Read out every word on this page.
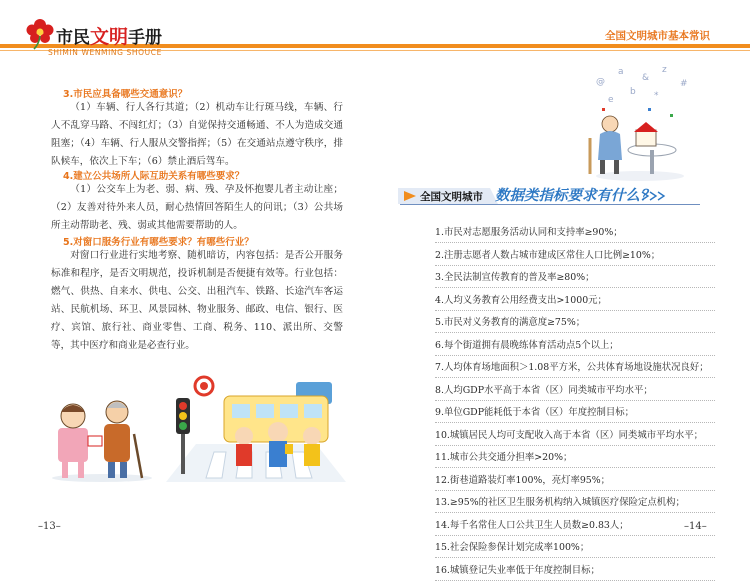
市民文明手册
SHIMIN WENMING SHOUCE
全国文明城市基本常识
3.市民应具备哪些交通意识？
（1）车辆、行人各行其道；（2）机动车让行斑马线，车辆、行人不乱穿马路、不闯红灯；（3）自觉保持交通畅通、不人为造成交通阻塞；（4）车辆、行人服从交警指挥；（5）在交通站点遵守秩序，排队候车，依次上下车；（6）禁止酒后驾车。
4.建立公共场所人际互助关系有哪些要求？
（1）公交车上为老、弱、病、残、孕及怀抱婴儿者主动让座；（2）友善对待外来人员，耐心热情回答陌生人的问讯；（3）公共场所主动帮助老、残、弱或其他需要帮助的人。
5.对窗口服务行业有哪些要求？有哪些行业？
对窗口行业进行实地考察、随机暗访，内容包括：是否公开服务标准和程序，是否文明规范，投诉机制是否便捷有效等。行业包括：燃气、供热、自来水、供电、公交、出租汽车、铁路、长途汽车客运站、民航机场、环卫、风景园林、物业服务、邮政、电信、银行、医疗、宾馆、旅行社、商业零售、工商、税务、110、派出所、交警等，其中医疗和商业是必查行业。
–13–
@
a
&
z
#
b *
e
全国文明城市 数据类指标要求有什么？
1.市民对志愿服务活动认同和支持率≥90%；
2.注册志愿者人数占城市建成区常住人口比例≥10%；
3.全民法制宣传教育的普及率≥80%；
4.人均义务教育公用经费支出>1000元；
5.市民对义务教育的满意度≥75%；
6.每个街道拥有晨晚练体育活动点5个以上；
7.人均体育场地面积＞1.08平方米，公共体育场地设施状况良好；
8.人均GDP水平高于本省（区）同类城市平均水平；
9.单位GDP能耗低于本省（区）年度控制目标；
10.城镇居民人均可支配收入高于本省（区）同类城市平均水平；
11.城市公共交通分担率>20%；
12.街巷道路装灯率100%，亮灯率95%；
13.≥95%的社区卫生服务机构纳入城镇医疗保险定点机构；
14.每千名常住人口公共卫生人员数≥0.83人；
15.社会保险参保计划完成率100%；
16.城镇登记失业率低于年度控制目标；
–14–
